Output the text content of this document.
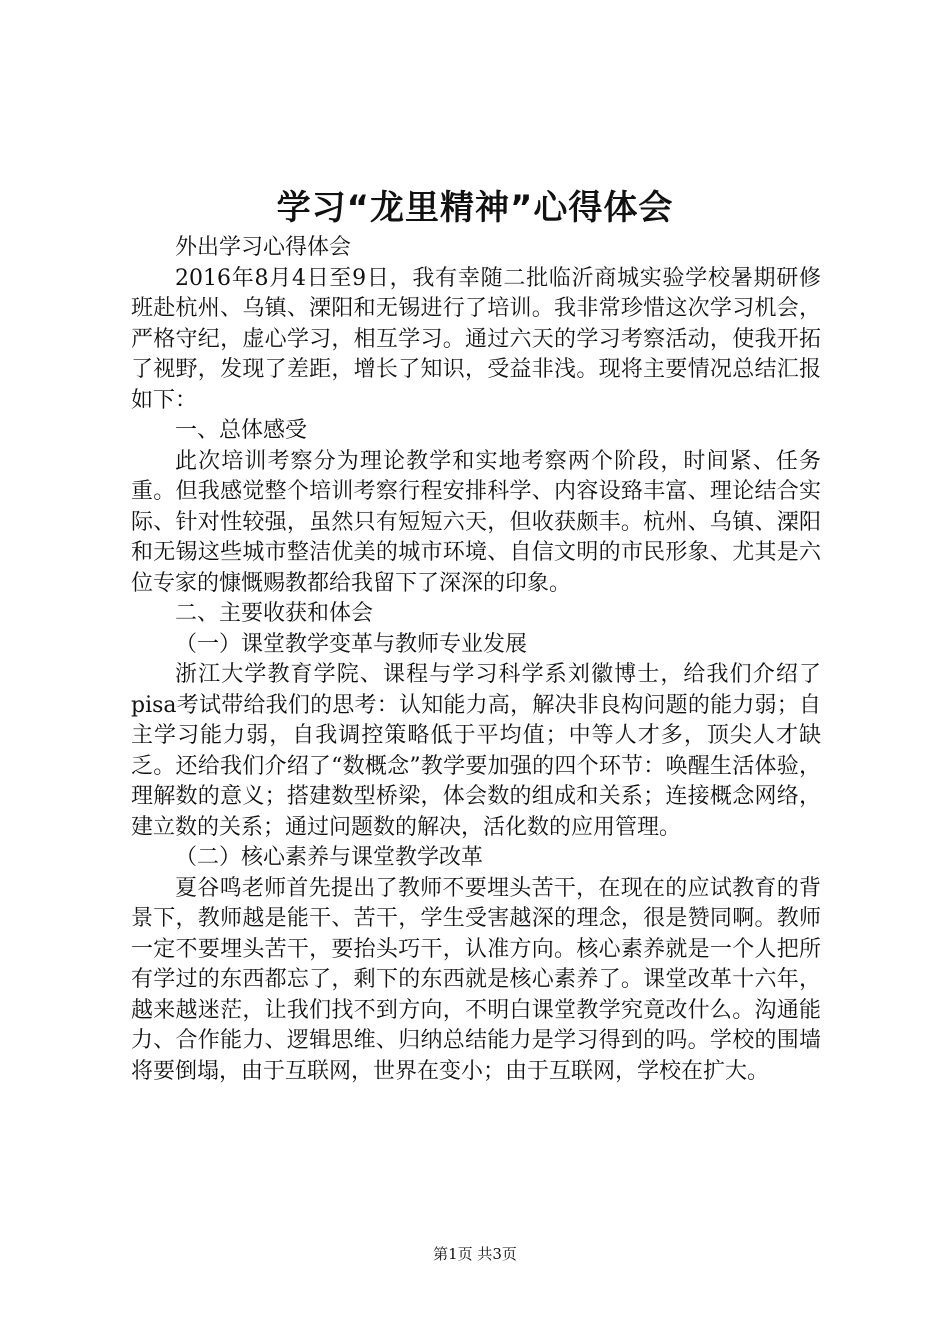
学习“龙里精神”心得体会

外出学习心得体会

2016年8月4日至9日，我有幸随二批临沂商城实验学校暑期研修班赴杭州、乌镇、溧阳和无锡进行了培训。我非常珍惜这次学习机会，严格守纪，虚心学习，相互学习。通过六天的学习考察活动，使我开拓了视野，发现了差距，增长了知识，受益非浅。现将主要情况总结汇报如下：

一、总体感受

此次培训考察分为理论教学和实地考察两个阶段，时间紧、任务重。但我感觉整个培训考察行程安排科学、内容设臵丰富、理论结合实际、针对性较强，虽然只有短短六天，但收获颇丰。杭州、乌镇、溧阳和无锡这些城市整洁优美的城市环境、自信文明的市民形象、尤其是六位专家的慷慨赐教都给我留下了深深的印象。

二、主要收获和体会

（一）课堂教学变革与教师专业发展

浙江大学教育学院、课程与学习科学系刘徽博士，给我们介绍了pisa考试带给我们的思考：认知能力高，解决非良构问题的能力弱；自主学习能力弱，自我调控策略低于平均值；中等人才多，顶尖人才缺乏。还给我们介绍了“数概念”教学要加强的四个环节：唤醒生活体验，理解数的意义；搭建数型桥梁，体会数的组成和关系；连接概念网络，建立数的关系；通过问题数的解决，活化数的应用管理。

（二）核心素养与课堂教学改革

夏谷鸣老师首先提出了教师不要埋头苦干，在现在的应试教育的背景下，教师越是能干、苦干，学生受害越深的理念，很是赞同啊。教师一定不要埋头苦干，要抬头巧干，认准方向。核心素养就是一个人把所有学过的东西都忘了，剩下的东西就是核心素养了。课堂改革十六年，越来越迷茫，让我们找不到方向，不明白课堂教学究竟改什么。沟通能力、合作能力、逻辑思维、归纳总结能力是学习得到的吗。学校的围墙将要倒塌，由于互联网，世界在变小；由于互联网，学校在扩大。

第1页 共3页
